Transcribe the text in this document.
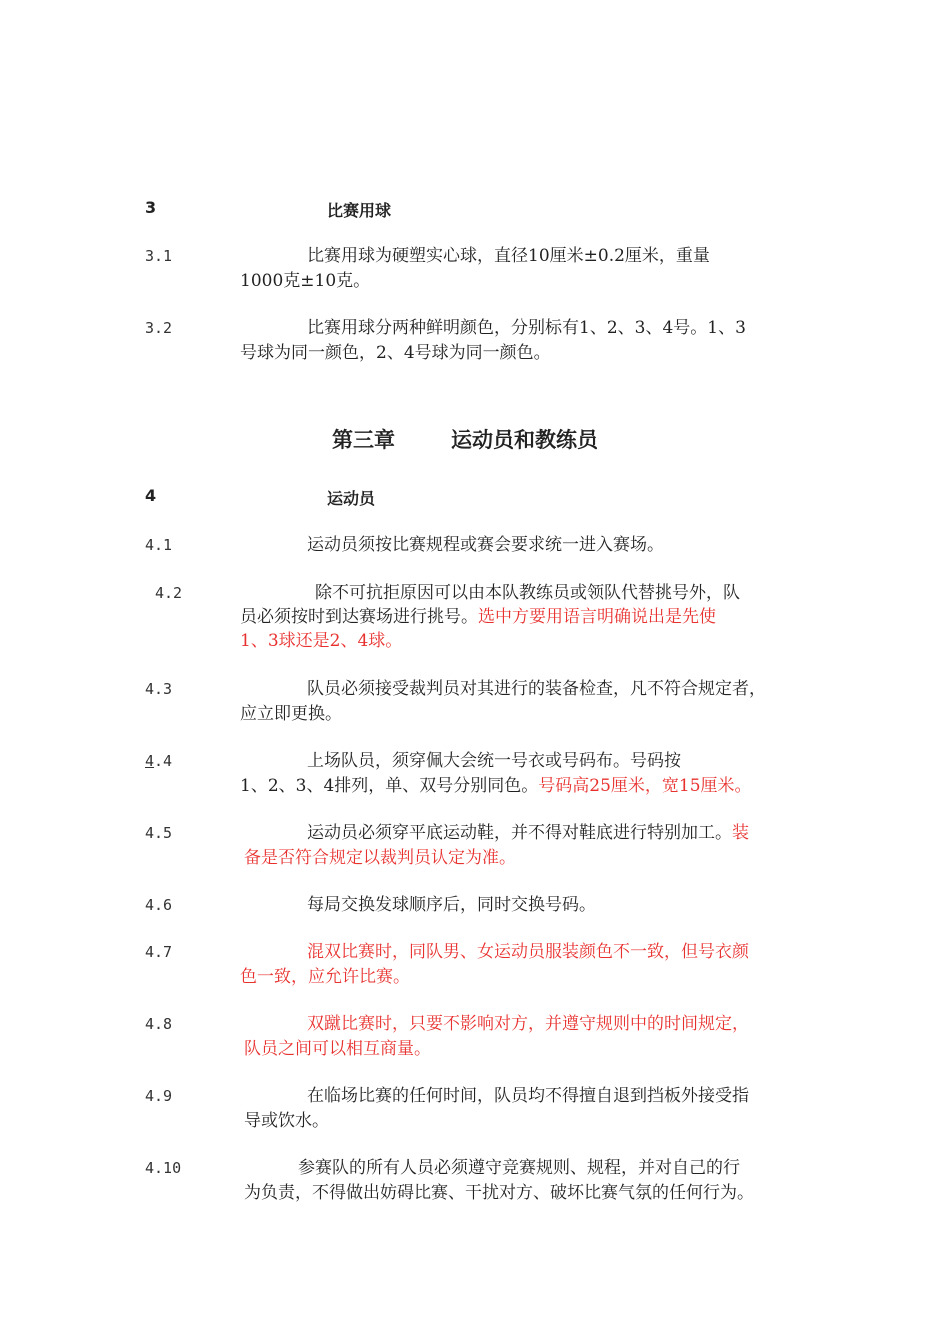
3	比赛用球
3.1	比赛用球为硬塑实心球，直径10厘米±0.2厘米，重量
1000克±10克。
3.2	比赛用球分两种鲜明颜色，分别标有1、2、3、4号。1、3
号球为同一颜色，2、4号球为同一颜色。
第三章	运动员和教练员
4	运动员
4.1	运动员须按比赛规程或赛会要求统一进入赛场。
4.2	除不可抗拒原因可以由本队教练员或领队代替挑号外，队
员必须按时到达赛场进行挑号。选中方要用语言明确说出是先使
1、3球还是2、4球。
4.3	队员必须接受裁判员对其进行的装备检查，凡不符合规定者，
应立即更换。
4.4	上场队员，须穿佩大会统一号衣或号码布。号码按
1、2、3、4排列，单、双号分别同色。号码高25厘米，宽15厘米。
4.5	运动员必须穿平底运动鞋，并不得对鞋底进行特别加工。装
备是否符合规定以裁判员认定为准。
4.6	每局交换发球顺序后，同时交换号码。
4.7	混双比赛时，同队男、女运动员服装颜色不一致，但号衣颜
色一致，应允许比赛。
4.8	双蹴比赛时，只要不影响对方，并遵守规则中的时间规定，
队员之间可以相互商量。
4.9	在临场比赛的任何时间，队员均不得擅自退到挡板外接受指
导或饮水。
4.10	参赛队的所有人员必须遵守竞赛规则、规程，并对自己的行
为负责，不得做出妨碍比赛、干扰对方、破坏比赛气氛的任何行为。
